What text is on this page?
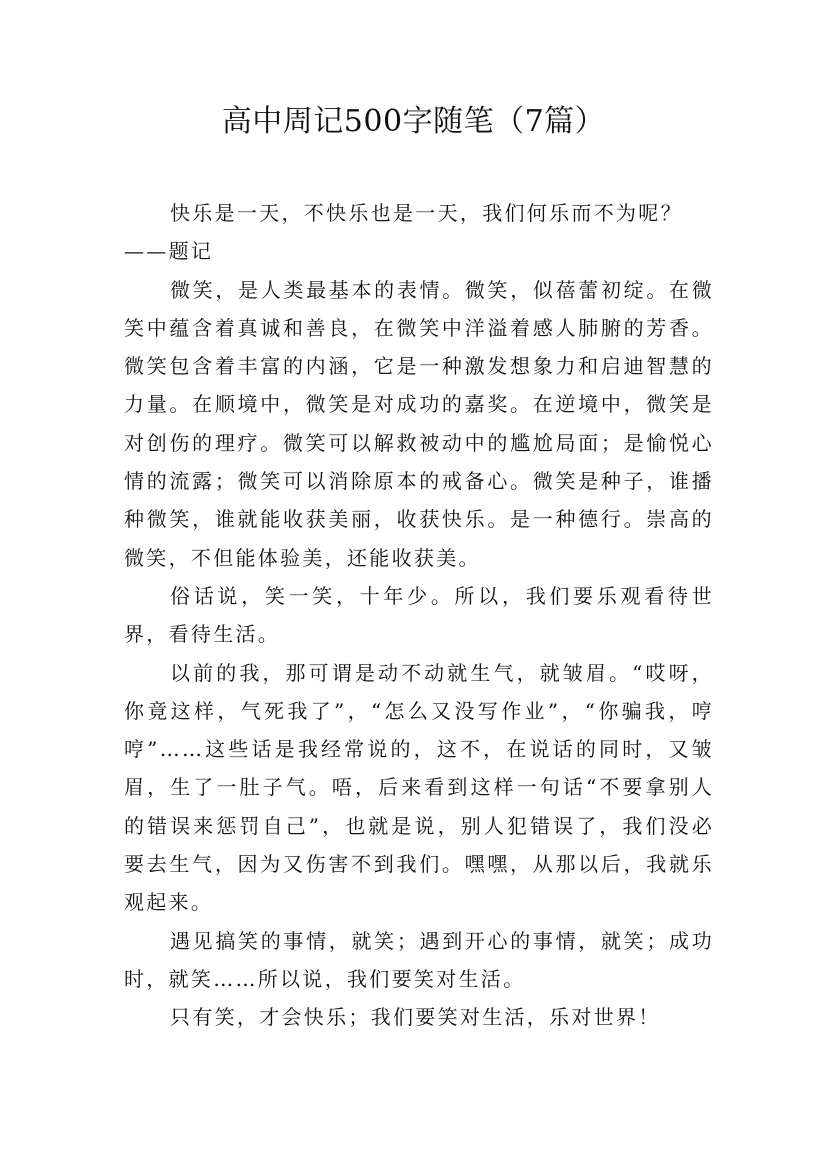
高中周记500字随笔（7篇）

快乐是一天，不快乐也是一天，我们何乐而不为呢？

——题记

微笑，是人类最基本的表情。微笑，似蓓蕾初绽。在微笑中蕴含着真诚和善良，在微笑中洋溢着感人肺腑的芳香。微笑包含着丰富的内涵，它是一种激发想象力和启迪智慧的力量。在顺境中，微笑是对成功的嘉奖。在逆境中，微笑是对创伤的理疗。微笑可以解救被动中的尴尬局面；是愉悦心情的流露；微笑可以消除原本的戒备心。微笑是种子，谁播种微笑，谁就能收获美丽，收获快乐。是一种德行。崇高的微笑，不但能体验美，还能收获美。

俗话说，笑一笑，十年少。所以，我们要乐观看待世界，看待生活。

以前的我，那可谓是动不动就生气，就皱眉。“哎呀，你竟这样，气死我了”，“怎么又没写作业”，“你骗我，哼哼”……这些话是我经常说的，这不，在说话的同时，又皱眉，生了一肚子气。唔，后来看到这样一句话“不要拿别人的错误来惩罚自己”，也就是说，别人犯错误了，我们没必要去生气，因为又伤害不到我们。嘿嘿，从那以后，我就乐观起来。

遇见搞笑的事情，就笑；遇到开心的事情，就笑；成功时，就笑……所以说，我们要笑对生活。

只有笑，才会快乐；我们要笑对生活，乐对世界！
